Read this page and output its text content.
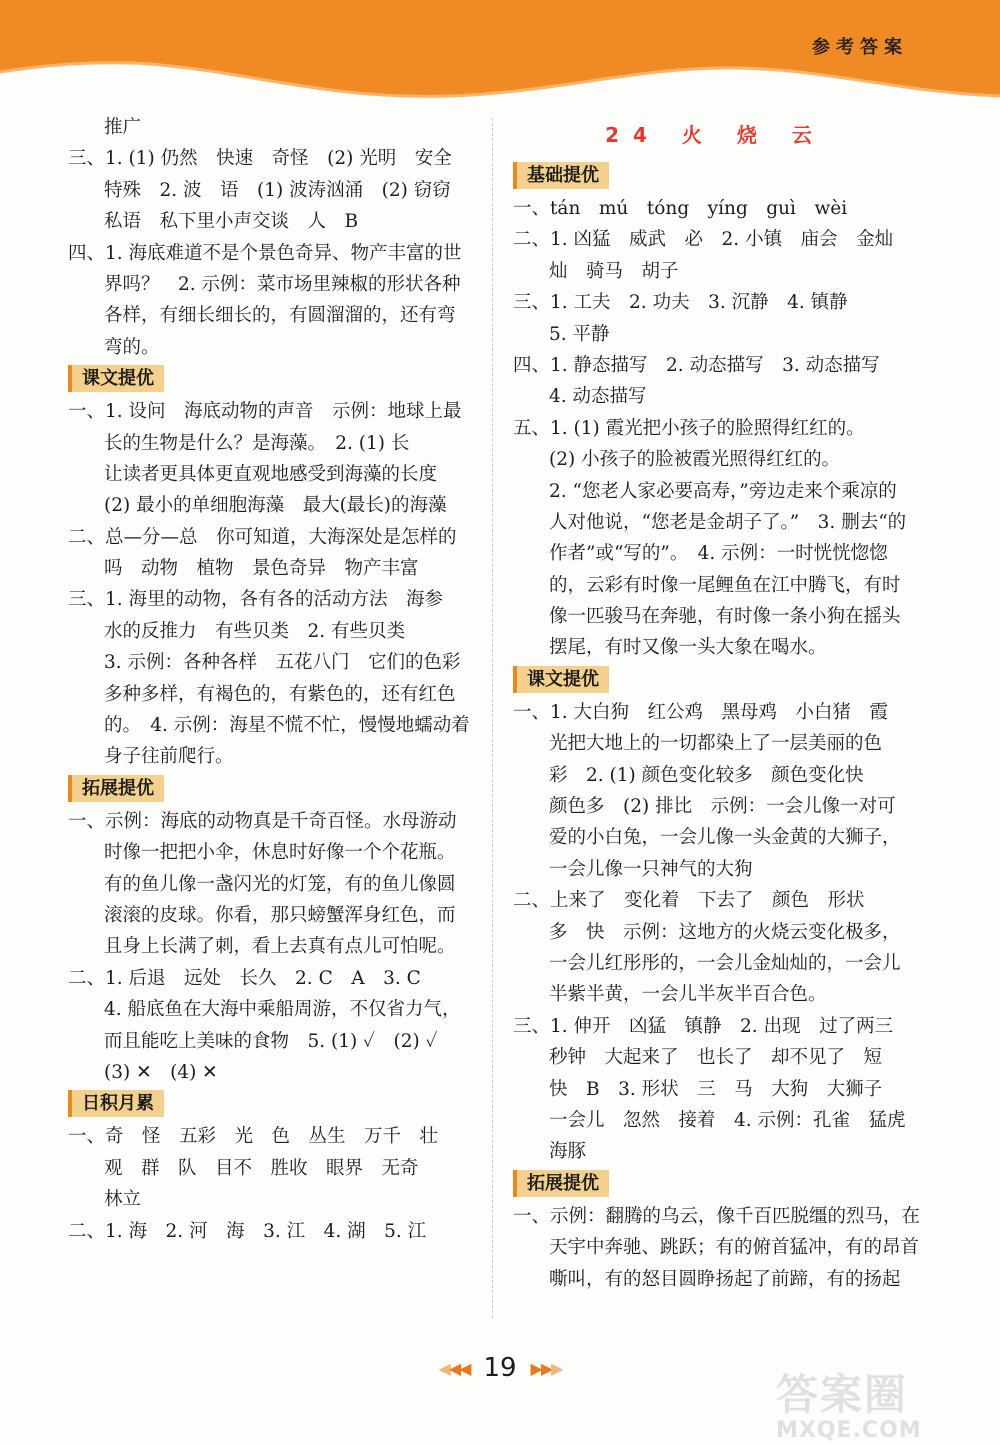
参考答案
推广
三、1. (1) 仍然　快速　奇怪　(2) 光明　安全
特殊　2. 波　语　(1) 波涛汹涌　(2) 窃窃
私语　私下里小声交谈　人　B
四、1. 海底难道不是个景色奇异、物产丰富的世
界吗？　2. 示例：菜市场里辣椒的形状各种
各样，有细长细长的，有圆溜溜的，还有弯
弯的。
课文提优
一、1. 设问　海底动物的声音　示例：地球上最
长的生物是什么？是海藻。　2. (1) 长
让读者更具体更直观地感受到海藻的长度
(2) 最小的单细胞海藻　最大(最长)的海藻
二、总—分—总　你可知道，大海深处是怎样的
吗　动物　植物　景色奇异　物产丰富
三、1. 海里的动物，各有各的活动方法　海参
水的反推力　有些贝类　2. 有些贝类
3. 示例：各种各样　五花八门　它们的色彩
多种多样，有褐色的，有紫色的，还有红色
的。　4. 示例：海星不慌不忙，慢慢地蠕动着
身子往前爬行。
拓展提优
一、示例：海底的动物真是千奇百怪。水母游动
时像一把把小伞，休息时好像一个个花瓶。
有的鱼儿像一盏闪光的灯笼，有的鱼儿像圆
滚滚的皮球。你看，那只螃蟹浑身红色，而
且身上长满了刺，看上去真有点儿可怕呢。
二、1. 后退　远处　长久　2. C　A　3. C
4. 船底鱼在大海中乘船周游，不仅省力气，
而且能吃上美味的食物　5. (1) ✓　(2) ✓
(3) ✕　(4) ✕
日积月累
一、奇　怪　五彩　光　色　丛生　万千　壮
观　群　队　目不　胜收　眼界　无奇
林立
二、1. 海　2. 河　海　3. 江　4. 湖　5. 江
24 火 烧 云
基础提优
一、tán　mú　tóng　yíng　guì　wèi
二、1. 凶猛　威武　必　2. 小镇　庙会　金灿
灿　骑马　胡子
三、1. 工夫　2. 功夫　3. 沉静　4. 镇静
5. 平静
四、1. 静态描写　2. 动态描写　3. 动态描写
4. 动态描写
五、1. (1) 霞光把小孩子的脸照得红红的。
(2) 小孩子的脸被霞光照得红红的。
2. “您老人家必要高寿，”旁边走来个乘凉的
人对他说，“您老是金胡子了。”　3. 删去“的
作者”或“写的”。　4. 示例：一时恍恍惚惚
的，云彩有时像一尾鲤鱼在江中腾飞，有时
像一匹骏马在奔驰，有时像一条小狗在摇头
摆尾，有时又像一头大象在喝水。
课文提优
一、1. 大白狗　红公鸡　黑母鸡　小白猪　霞
光把大地上的一切都染上了一层美丽的色
彩　2. (1) 颜色变化较多　颜色变化快
颜色多　(2) 排比　示例：一会儿像一对可
爱的小白兔，一会儿像一头金黄的大狮子，
一会儿像一只神气的大狗
二、上来了　变化着　下去了　颜色　形状
多　快　示例：这地方的火烧云变化极多，
一会儿红彤彤的，一会儿金灿灿的，一会儿
半紫半黄，一会儿半灰半百合色。
三、1. 伸开　凶猛　镇静　2. 出现　过了两三
秒钟　大起来了　也长了　却不见了　短
快　B　3. 形状　三　马　大狗　大狮子
一会儿　忽然　接着　4. 示例：孔雀　猛虎
海豚
拓展提优
一、示例：翻腾的乌云，像千百匹脱缰的烈马，在
天宇中奔驰、跳跃；有的俯首猛冲，有的昂首
嘶叫，有的怒目圆睁扬起了前蹄，有的扬起
◀◀◀ 19 ▶▶▶
答案圈
MXQE.COM
